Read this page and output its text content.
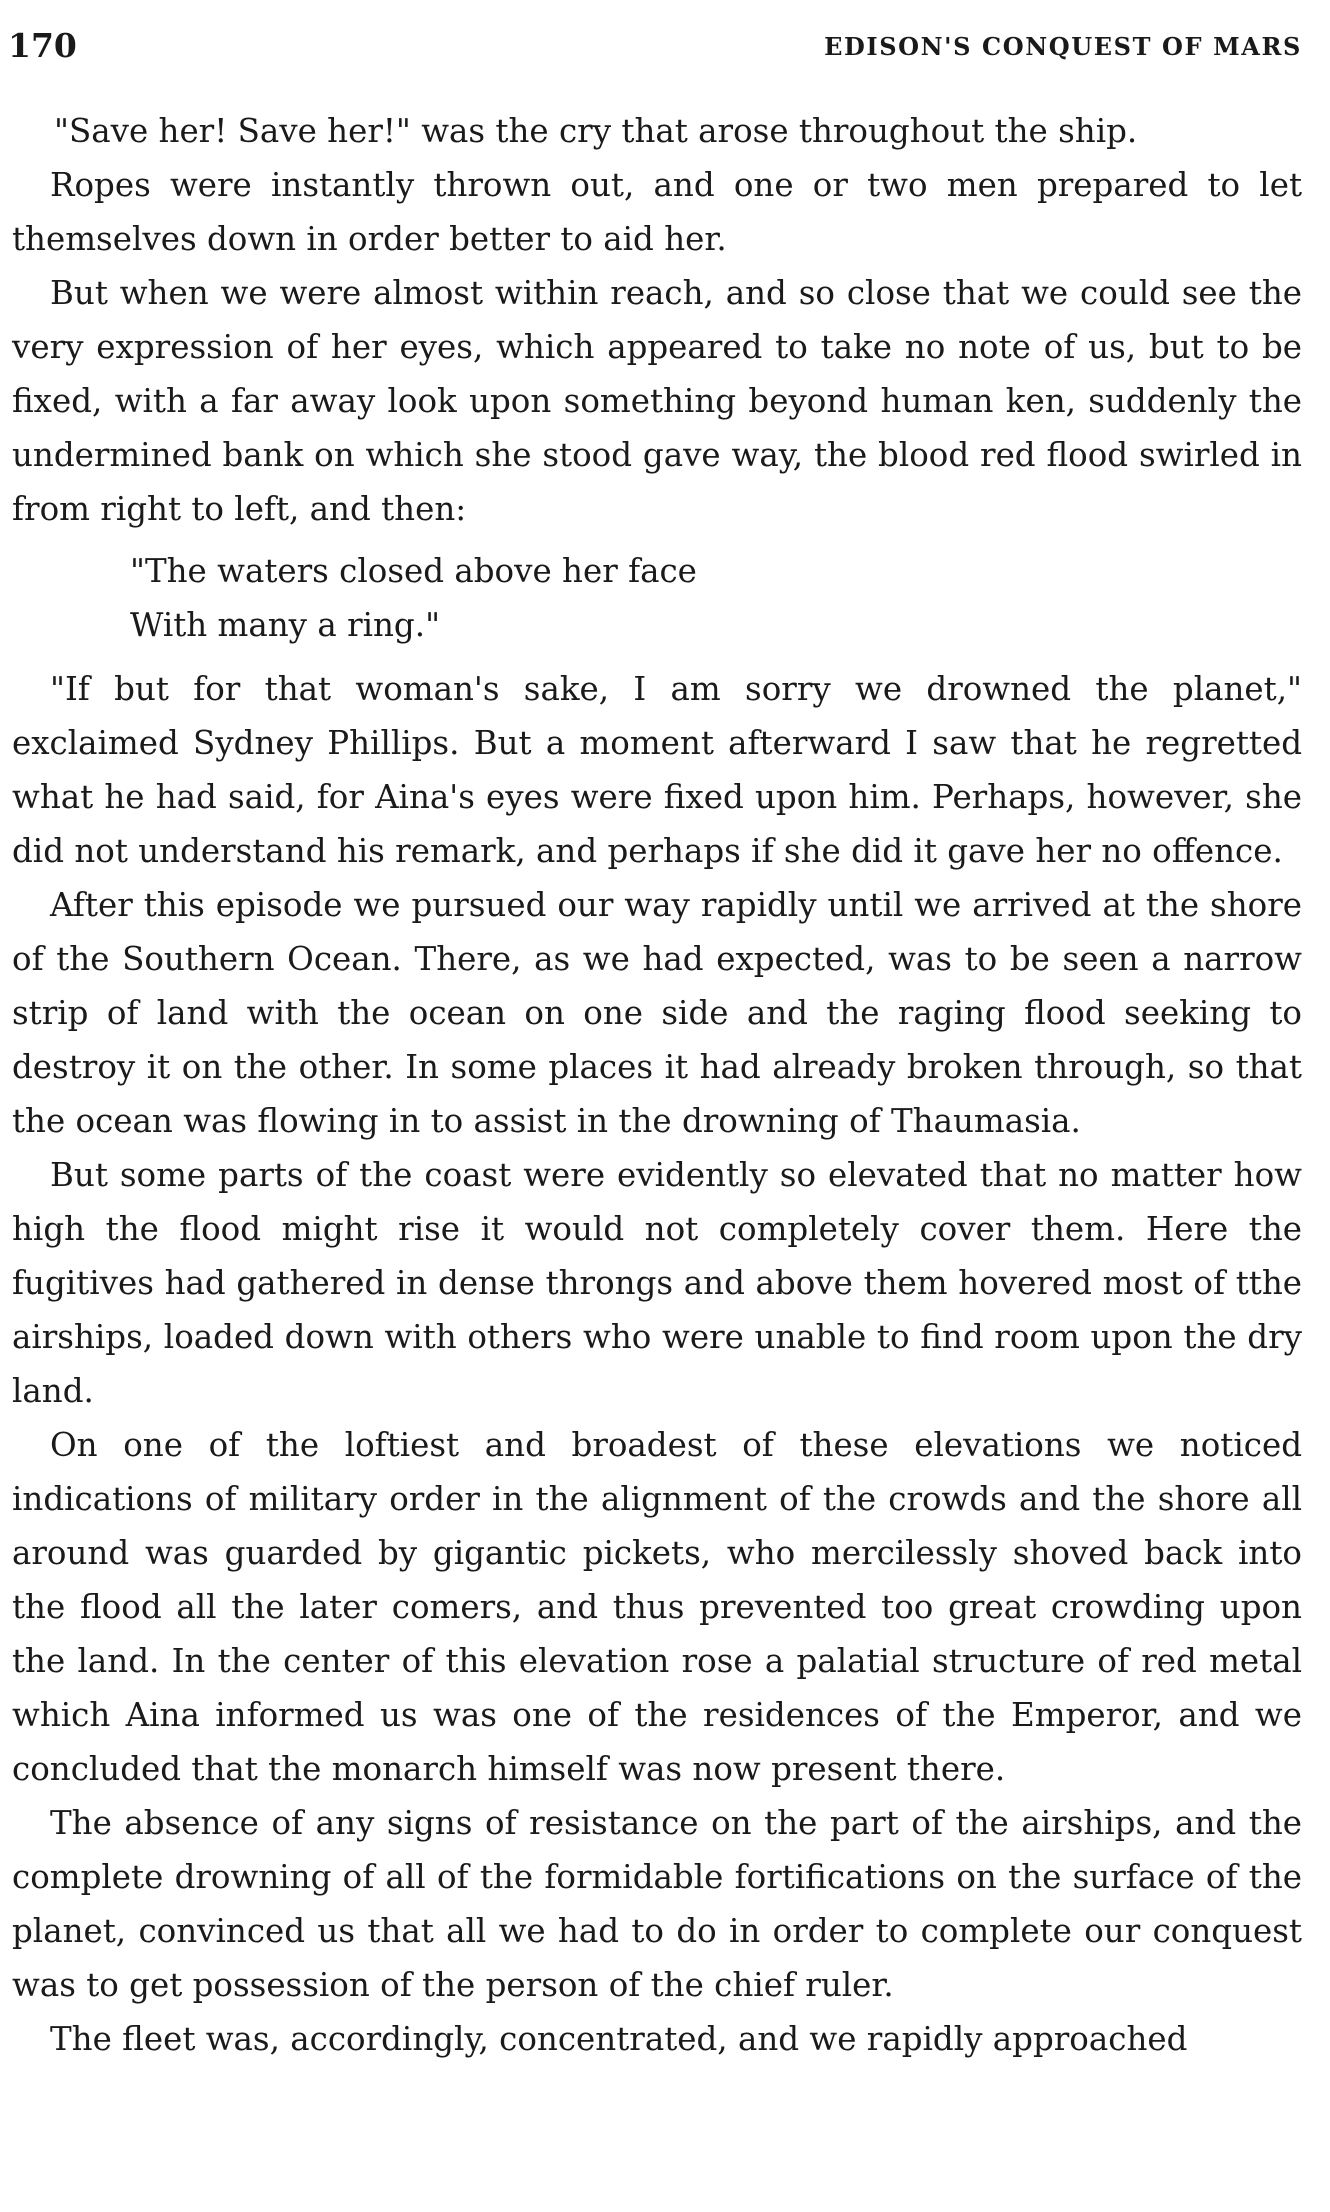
170	EDISON'S CONQUEST OF MARS

"Save her! Save her!" was the cry that arose throughout the ship.

Ropes were instantly thrown out, and one or two men prepared to let themselves down in order better to aid her.

But when we were almost within reach, and so close that we could see the very expression of her eyes, which appeared to take no note of us, but to be fixed, with a far away look upon something beyond human ken, suddenly the undermined bank on which she stood gave way, the blood red flood swirled in from right to left, and then:

"The waters closed above her face
With many a ring."

"If but for that woman's sake, I am sorry we drowned the planet," exclaimed Sydney Phillips. But a moment afterward I saw that he regretted what he had said, for Aina's eyes were fixed upon him. Perhaps, however, she did not understand his remark, and perhaps if she did it gave her no offence.

After this episode we pursued our way rapidly until we arrived at the shore of the Southern Ocean. There, as we had expected, was to be seen a narrow strip of land with the ocean on one side and the raging flood seeking to destroy it on the other. In some places it had already broken through, so that the ocean was flowing in to assist in the drowning of Thaumasia.

But some parts of the coast were evidently so elevated that no matter how high the flood might rise it would not completely cover them. Here the fugitives had gathered in dense throngs and above them hovered most of tthe airships, loaded down with others who were unable to find room upon the dry land.

On one of the loftiest and broadest of these elevations we noticed indications of military order in the alignment of the crowds and the shore all around was guarded by gigantic pickets, who mercilessly shoved back into the flood all the later comers, and thus prevented too great crowding upon the land. In the center of this elevation rose a palatial structure of red metal which Aina informed us was one of the residences of the Emperor, and we concluded that the monarch himself was now present there.

The absence of any signs of resistance on the part of the airships, and the complete drowning of all of the formidable fortifications on the surface of the planet, convinced us that all we had to do in order to complete our conquest was to get possession of the person of the chief ruler.

The fleet was, accordingly, concentrated, and we rapidly approached
